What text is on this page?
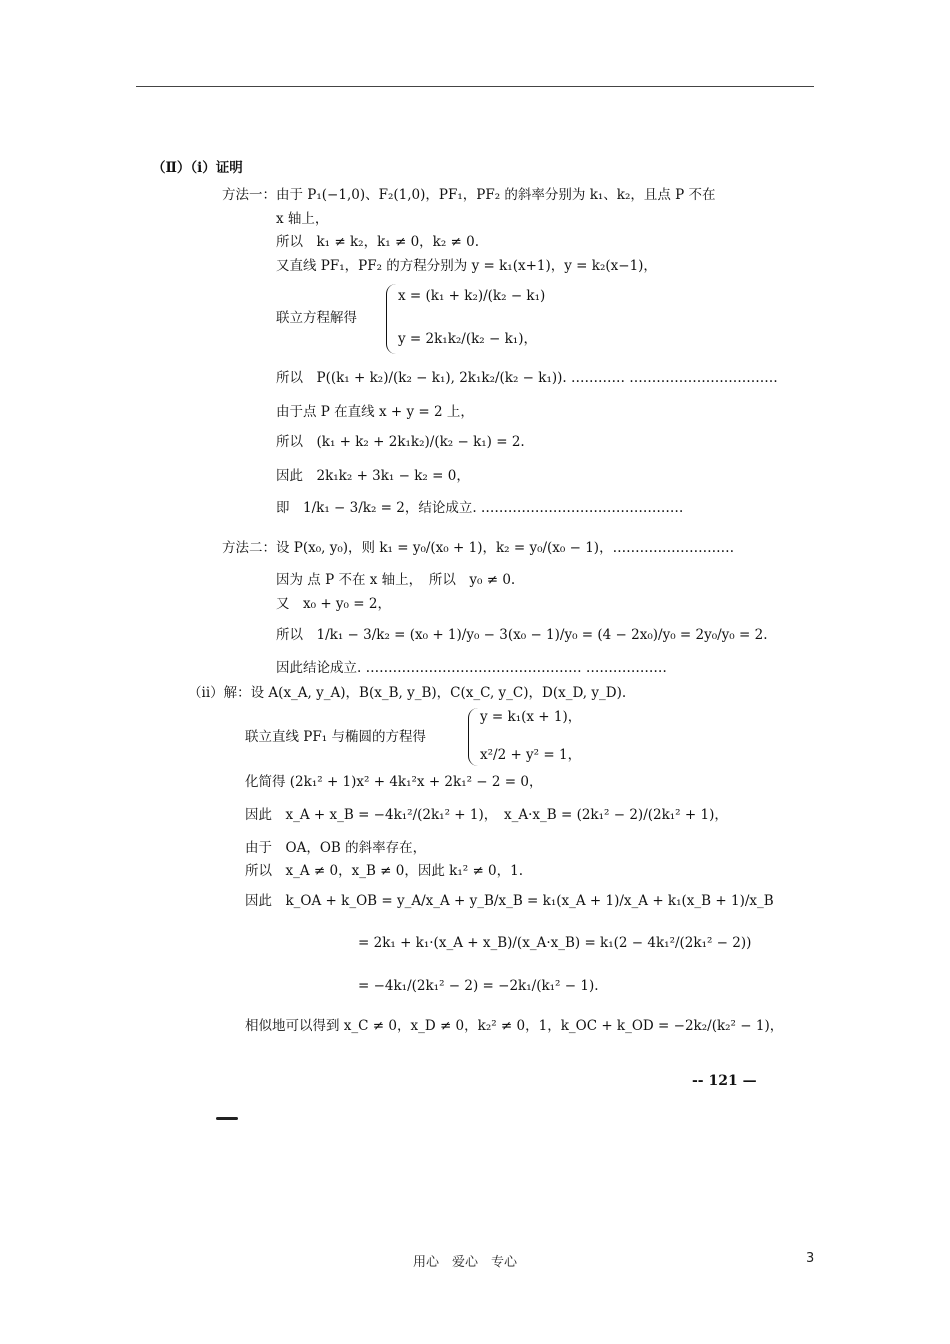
（Ⅱ）（i）证明
方法一：由于 P₁(−1,0)、F₂(1,0)，PF₁，PF₂ 的斜率分别为 k₁、k₂，且点 P 不在
x 轴上，
所以　k₁ ≠ k₂，k₁ ≠ 0，k₂ ≠ 0.
又直线 PF₁，PF₂ 的方程分别为 y = k₁(x+1)，y = k₂(x−1)，
x = (k₁ + k₂)/(k₂ − k₁)
联立方程解得
y = 2k₁k₂/(k₂ − k₁)，
所以　P((k₁ + k₂)/(k₂ − k₁), 2k₁k₂/(k₂ − k₁)). ………… ……………………………
由于点 P 在直线 x + y = 2 上，
所以　(k₁ + k₂ + 2k₁k₂)/(k₂ − k₁) = 2.
因此　2k₁k₂ + 3k₁ − k₂ = 0，
即　1/k₁ − 3/k₂ = 2，结论成立. ………………………………………
方法二：设 P(x₀, y₀)，则 k₁ = y₀/(x₀ + 1)，k₂ = y₀/(x₀ − 1)，………………………
因为 点 P 不在 x 轴上，　所以　y₀ ≠ 0.
又　x₀ + y₀ = 2，
所以　1/k₁ − 3/k₂ = (x₀ + 1)/y₀ − 3(x₀ − 1)/y₀ = (4 − 2x₀)/y₀ = 2y₀/y₀ = 2.
因此结论成立. ………………………………………… ………………
（ii）解：设 A(x_A, y_A)，B(x_B, y_B)，C(x_C, y_C)，D(x_D, y_D).
y = k₁(x + 1)，
联立直线 PF₁ 与椭圆的方程得
x²/2 + y² = 1，
化简得 (2k₁² + 1)x² + 4k₁²x + 2k₁² − 2 = 0，
因此　x_A + x_B = −4k₁²/(2k₁² + 1)，　x_A·x_B = (2k₁² − 2)/(2k₁² + 1)，
由于　OA，OB 的斜率存在，
所以　x_A ≠ 0，x_B ≠ 0，因此 k₁² ≠ 0，1.
因此　k_OA + k_OB = y_A/x_A + y_B/x_B = k₁(x_A + 1)/x_A + k₁(x_B + 1)/x_B
= 2k₁ + k₁·(x_A + x_B)/(x_A·x_B) = k₁(2 − 4k₁²/(2k₁² − 2))
= −4k₁/(2k₁² − 2) = −2k₁/(k₁² − 1).
相似地可以得到 x_C ≠ 0，x_D ≠ 0，k₂² ≠ 0，1，k_OC + k_OD = −2k₂/(k₂² − 1)，
-- 121 —
用心　爱心　专心	3
